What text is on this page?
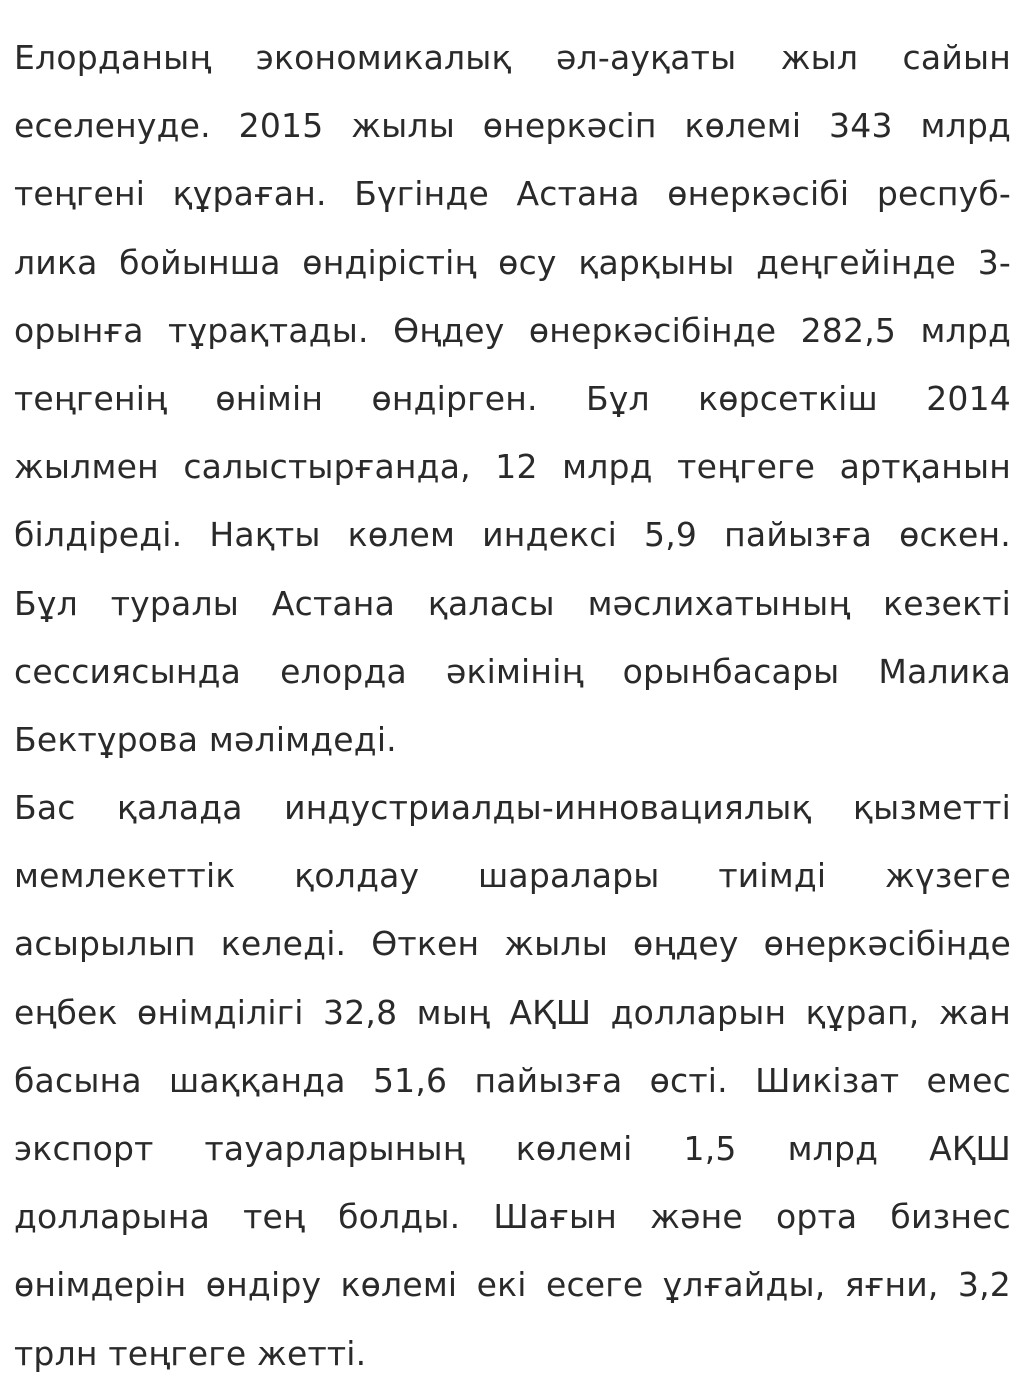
Елорданың экономикалық әл-ауқаты жыл сайын
еселенуде. 2015 жылы өнеркәсіп көлемі 343 млрд
теңгені құраған. Бүгінде Астана өнеркәсібі респуб-
лика бойынша өндірістің өсу қарқыны деңгейінде 3-
орынға тұрақтады. Өңдеу өнеркәсібінде 282,5 млрд
теңгенің өнімін өндірген. Бұл көрсеткіш 2014
жылмен салыстырғанда, 12 млрд теңгеге артқанын
білдіреді. Нақты көлем индексі 5,9 пайызға өскен.
Бұл туралы Астана қаласы мәслихатының кезекті
сессиясында елорда әкімінің орынбасары Малика
Бектұрова мәлімдеді.
Бас қалада индустриалды-инновациялық қызметті
мемлекеттік қолдау шаралары тиімді жүзеге
асырылып келеді. Өткен жылы өңдеу өнеркәсібінде
еңбек өнімділігі 32,8 мың АҚШ долларын құрап, жан
басына шаққанда 51,6 пайызға өсті. Шикізат емес
экспорт тауарларының көлемі 1,5 млрд АҚШ
долларына тең болды. Шағын және орта бизнес
өнімдерін өндіру көлемі екі есеге ұлғайды, яғни, 3,2
трлн теңгеге жетті.
